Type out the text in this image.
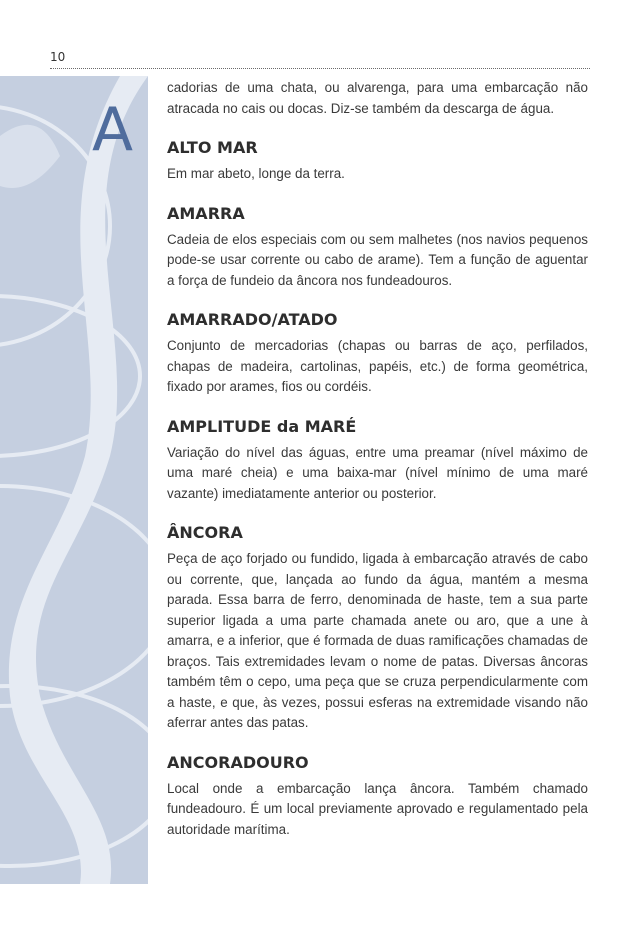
10
A

cadorias de uma chata, ou alvarenga, para uma embarcação não atracada no cais ou docas. Diz-se também da descarga de água.

ALTO MAR

Em mar abeto, longe da terra.

AMARRA

Cadeia de elos especiais com ou sem malhetes (nos navios pequenos pode-se usar corrente ou cabo de arame). Tem a função de aguentar a força de fundeio da âncora nos fundeadouros.

AMARRADO/ATADO

Conjunto de mercadorias (chapas ou barras de aço, perfilados, chapas de madeira, cartolinas, papéis, etc.) de forma geométrica, fixado por arames, fios ou cordéis.

AMPLITUDE da MARÉ

Variação do nível das águas, entre uma preamar (nível máximo de uma maré cheia) e uma baixa-mar (nível mínimo de uma maré vazante) imediatamente anterior ou posterior.

ÂNCORA

Peça de aço forjado ou fundido, ligada à embarcação através de cabo ou corrente, que, lançada ao fundo da água, mantém a mesma parada. Essa barra de ferro, denominada de haste, tem a sua parte superior ligada a uma parte chamada anete ou aro, que a une à amarra, e a inferior, que é formada de duas ramificações chamadas de braços. Tais extremidades levam o nome de patas. Diversas âncoras também têm o cepo, uma peça que se cruza perpendicularmente com a haste, e que, às vezes, possui esferas na extremidade visando não aferrar antes das patas.

ANCORADOURO

Local onde a embarcação lança âncora. Também chamado fundeadouro. É um local previamente aprovado e regulamentado pela autoridade marítima.
